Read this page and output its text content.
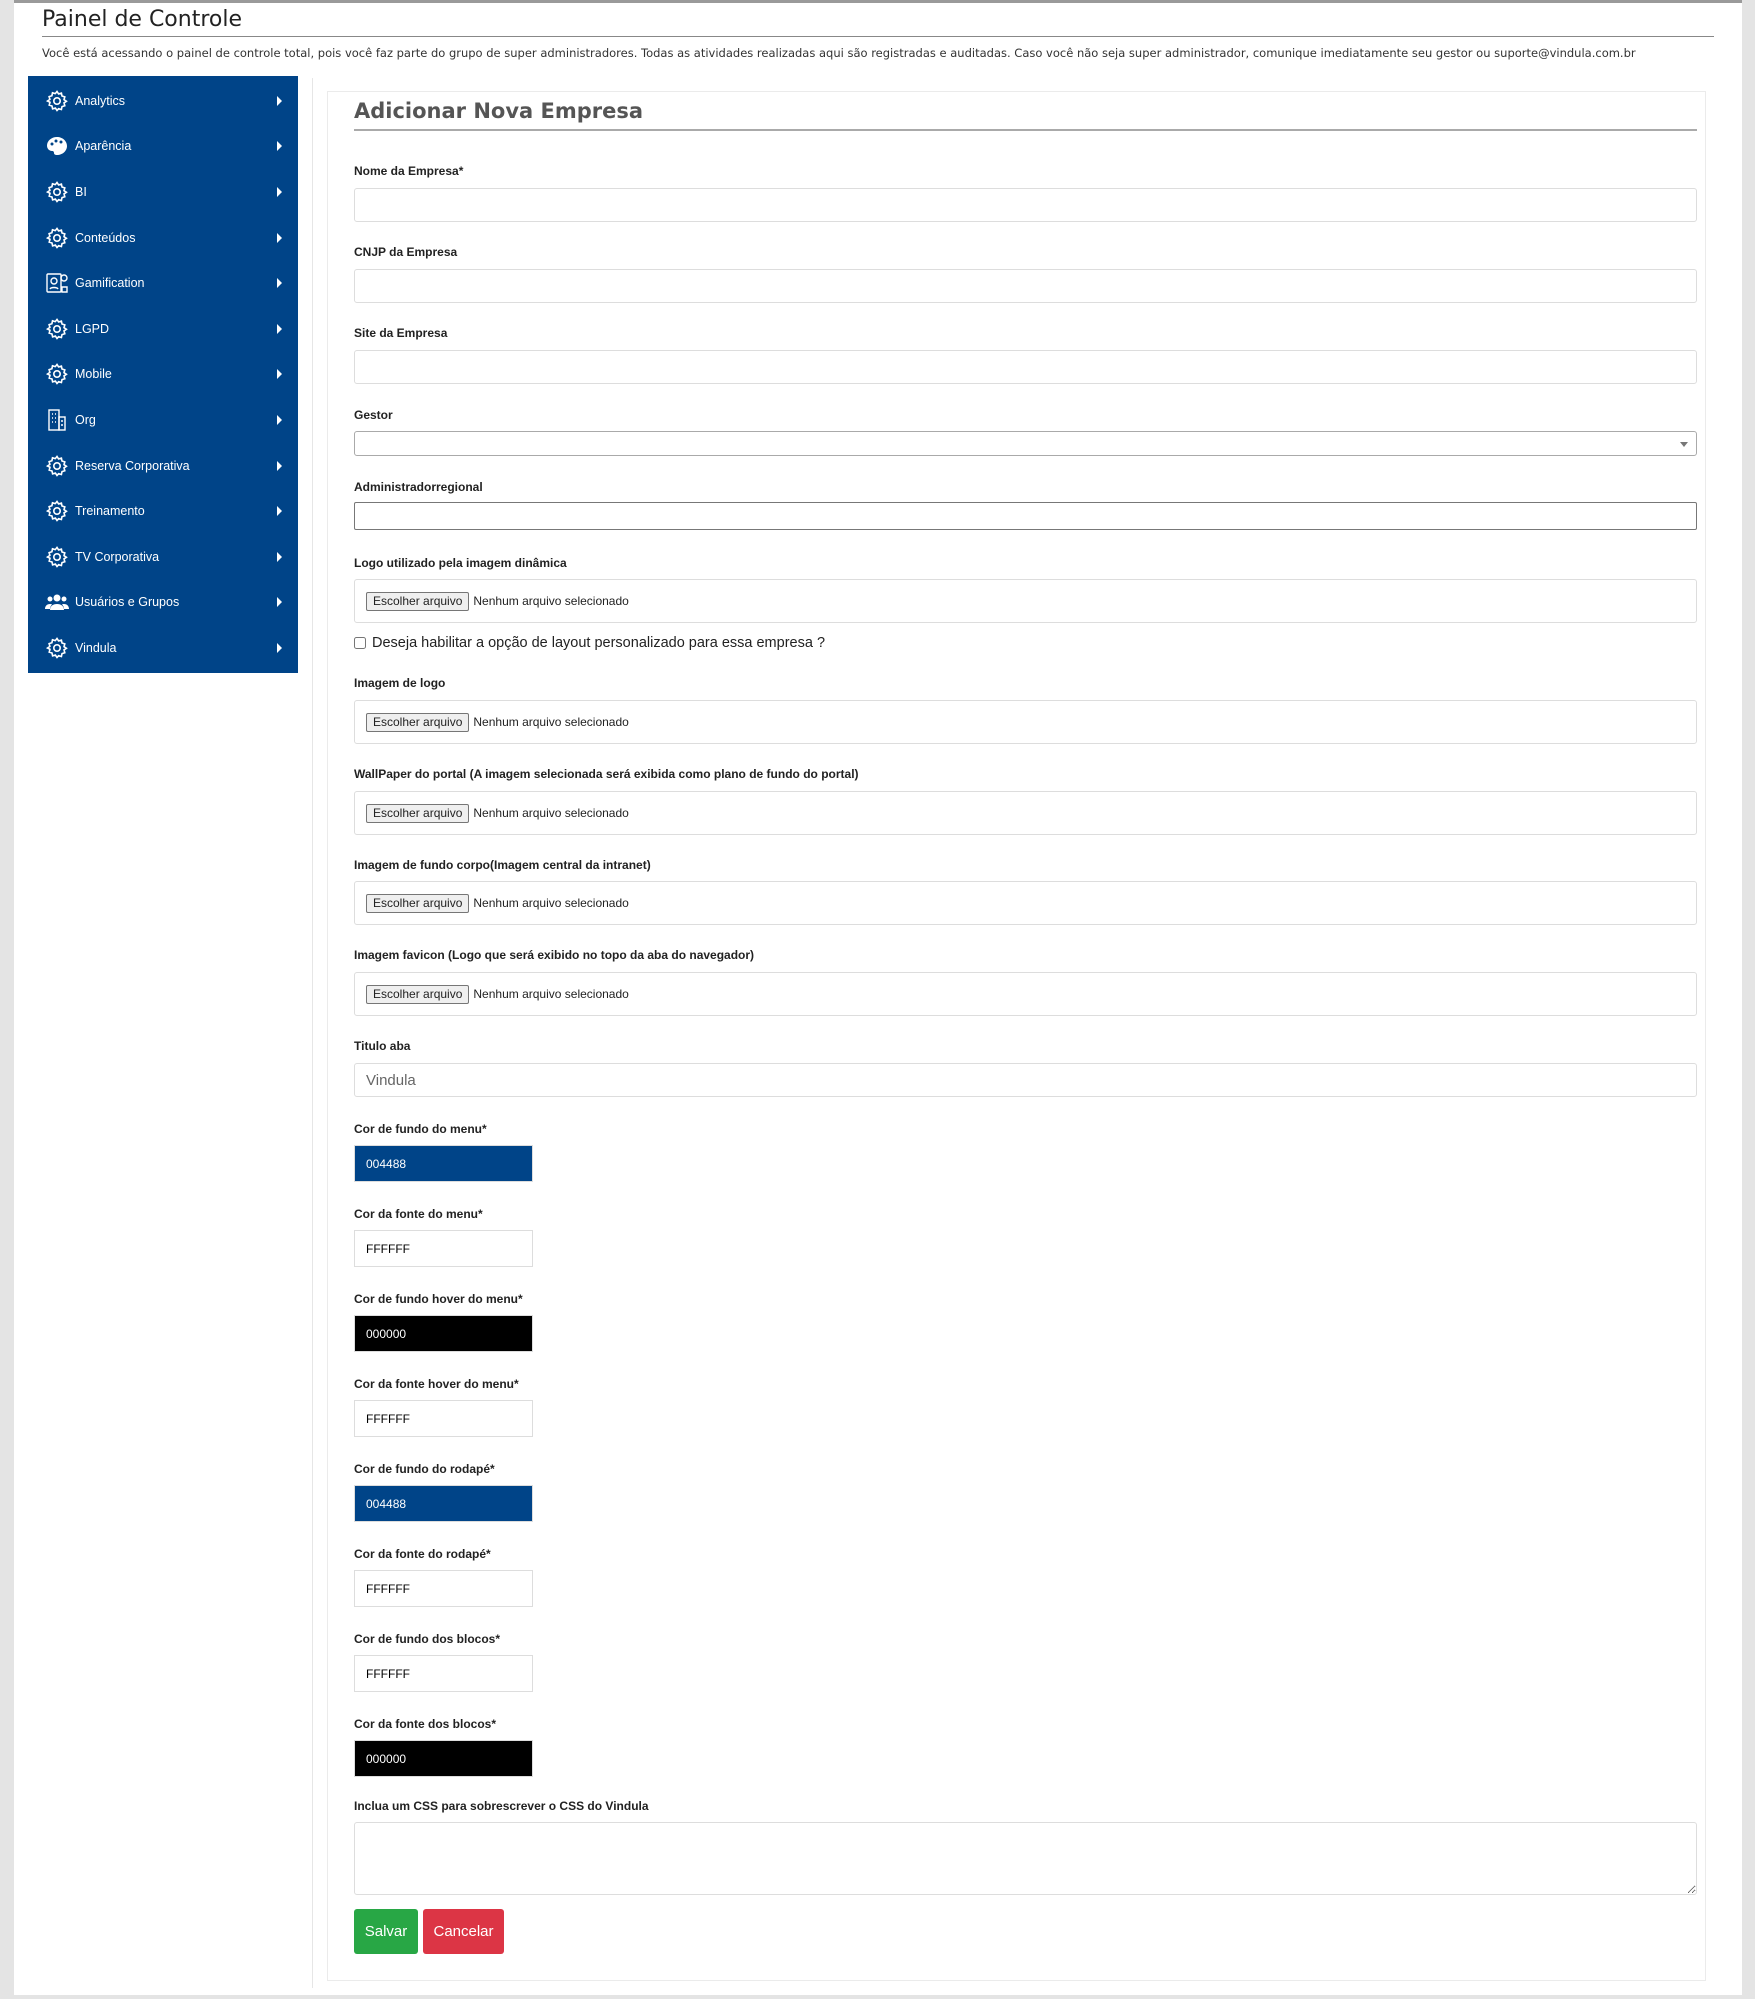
Painel de Controle
Você está acessando o painel de controle total, pois você faz parte do grupo de super administradores. Todas as atividades realizadas aqui são registradas e auditadas. Caso você não seja super administrador, comunique imediatamente seu gestor ou suporte@vindula.com.br
Analytics
Aparência
BI
Conteúdos
Gamification
LGPD
Mobile
Org
Reserva Corporativa
Treinamento
TV Corporativa
Usuários e Grupos
Vindula
Adicionar Nova Empresa
Nome da Empresa*
CNJP da Empresa
Site da Empresa
Gestor
Administradorregional
Logo utilizado pela imagem dinâmica
Escolher arquivo Nenhum arquivo selecionado
Deseja habilitar a opção de layout personalizado para essa empresa ?
Imagem de logo
Escolher arquivo Nenhum arquivo selecionado
WallPaper do portal (A imagem selecionada será exibida como plano de fundo do portal)
Escolher arquivo Nenhum arquivo selecionado
Imagem de fundo corpo(Imagem central da intranet)
Escolher arquivo Nenhum arquivo selecionado
Imagem favicon (Logo que será exibido no topo da aba do navegador)
Escolher arquivo Nenhum arquivo selecionado
Titulo aba
Vindula
Cor de fundo do menu*
004488
Cor da fonte do menu*
FFFFFF
Cor de fundo hover do menu*
000000
Cor da fonte hover do menu*
FFFFFF
Cor de fundo do rodapé*
004488
Cor da fonte do rodapé*
FFFFFF
Cor de fundo dos blocos*
FFFFFF
Cor da fonte dos blocos*
000000
Inclua um CSS para sobrescrever o CSS do Vindula
Salvar	Cancelar
